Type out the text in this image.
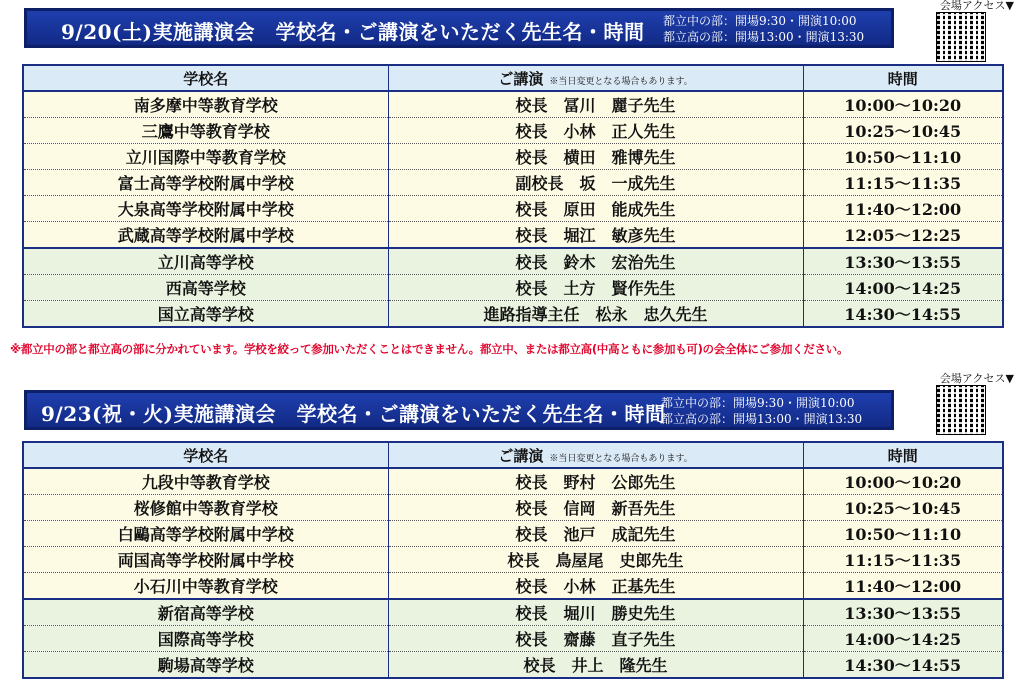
9/20(土)実施講演会　学校名・ご講演をいただく先生名・時間 都立中の部：開場9:30・開演10:00
都立高の部：開場13:00・開演13:30
会場アクセス▼
学校名	ご講演 ※当日変更となる場合もあります。	時間
南多摩中等教育学校	校長　冨川　麗子先生	10:00～10:20
三鷹中等教育学校	校長　小林　正人先生	10:25～10:45
立川国際中等教育学校	校長　横田　雅博先生	10:50～11:10
富士高等学校附属中学校	副校長　坂　一成先生	11:15～11:35
大泉高等学校附属中学校	校長　原田　能成先生	11:40～12:00
武蔵高等学校附属中学校	校長　堀江　敏彦先生	12:05～12:25
立川高等学校	校長　鈴木　宏治先生	13:30～13:55
西高等学校	校長　土方　賢作先生	14:00～14:25
国立高等学校	進路指導主任　松永　忠久先生	14:30～14:55
※都立中の部と都立高の部に分かれています。学校を絞って参加いただくことはできません。都立中、または都立高(中高ともに参加も可)の会全体にご参加ください。
9/23(祝・火)実施講演会　学校名・ご講演をいただく先生名・時間
都立中の部：開場9:30・開演10:00
都立高の部：開場13:00・開演13:30
会場アクセス▼
学校名	ご講演 ※当日変更となる場合もあります。	時間
九段中等教育学校	校長　野村　公郎先生	10:00～10:20
桜修館中等教育学校	校長　信岡　新吾先生	10:25～10:45
白鷗高等学校附属中学校	校長　池戸　成記先生	10:50～11:10
両国高等学校附属中学校	校長　鳥屋尾　史郎先生	11:15～11:35
小石川中等教育学校	校長　小林　正基先生	11:40～12:00
新宿高等学校	校長　堀川　勝史先生	13:30～13:55
国際高等学校	校長　齋藤　直子先生	14:00～14:25
駒場高等学校	校長　井上　隆先生	14:30～14:55
